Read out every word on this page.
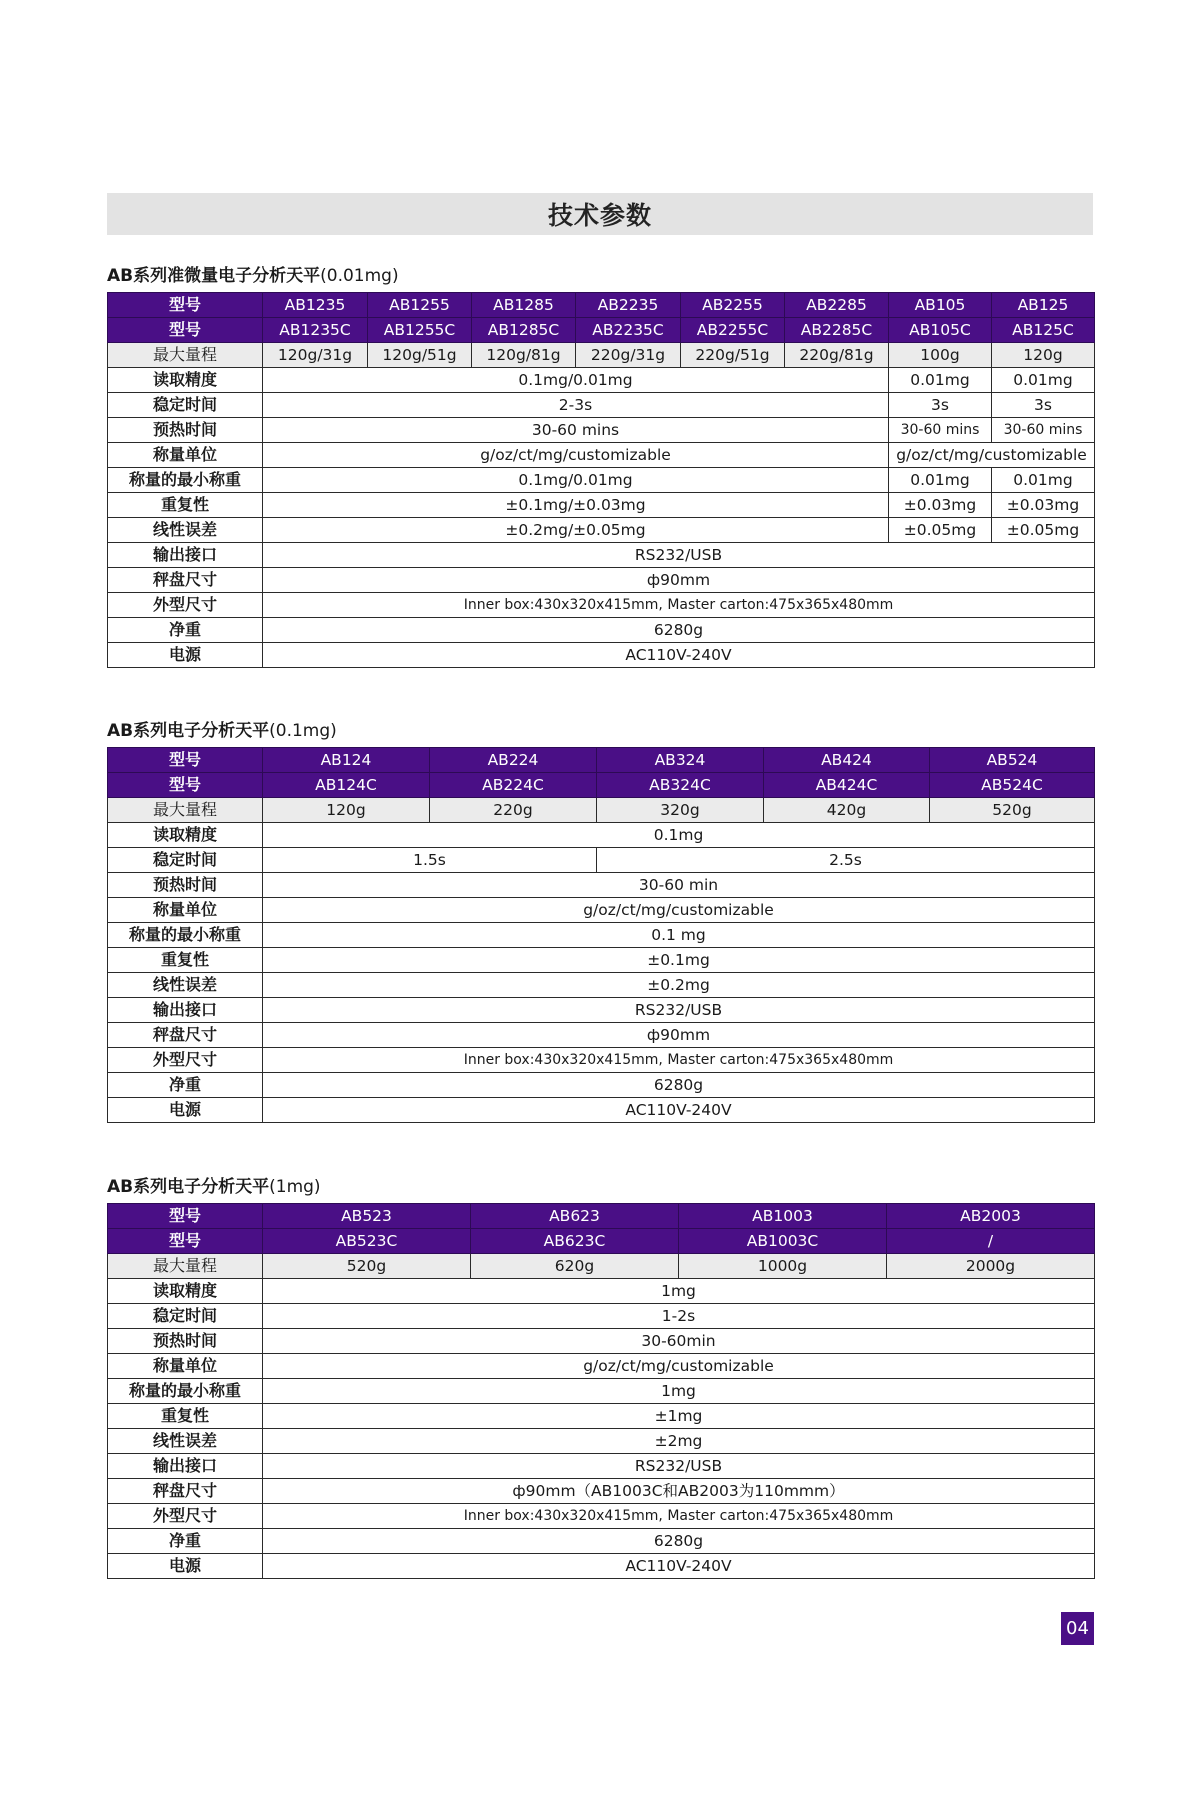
技术参数
AB系列准微量电子分析天平(0.01mg)
型号	AB1235	AB1255	AB1285	AB2235	AB2255	AB2285	AB105	AB125
型号	AB1235C	AB1255C	AB1285C	AB2235C	AB2255C	AB2285C	AB105C	AB125C
最大量程	120g/31g	120g/51g	120g/81g	220g/31g	220g/51g	220g/81g	100g	120g
读取精度	0.1mg/0.01mg						0.01mg	0.01mg
稳定时间	2-3s						3s	3s
预热时间	30-60 mins						30-60 mins	30-60 mins
称量单位	g/oz/ct/mg/customizable						g/oz/ct/mg/customizable	
称量的最小称重	0.1mg/0.01mg						0.01mg	0.01mg
重复性	±0.1mg/±0.03mg						±0.03mg	±0.03mg
线性误差	±0.2mg/±0.05mg						±0.05mg	±0.05mg
输出接口	RS232/USB							
秤盘尺寸	ф90mm							
外型尺寸	Inner box:430x320x415mm, Master carton:475x365x480mm							
净重	6280g							
电源	AC110V-240V							
AB系列电子分析天平(0.1mg)
型号	AB124	AB224	AB324	AB424	AB524
型号	AB124C	AB224C	AB324C	AB424C	AB524C
最大量程	120g	220g	320g	420g	520g
读取精度	0.1mg				
稳定时间	1.5s		2.5s		
预热时间	30-60 min				
称量单位	g/oz/ct/mg/customizable				
称量的最小称重	0.1 mg				
重复性	±0.1mg				
线性误差	±0.2mg				
输出接口	RS232/USB				
秤盘尺寸	ф90mm				
外型尺寸	Inner box:430x320x415mm, Master carton:475x365x480mm				
净重	6280g				
电源	AC110V-240V				
AB系列电子分析天平(1mg)
型号	AB523	AB623	AB1003	AB2003
型号	AB523C	AB623C	AB1003C	/
最大量程	520g	620g	1000g	2000g
读取精度	1mg			
稳定时间	1-2s			
预热时间	30-60min			
称量单位	g/oz/ct/mg/customizable			
称量的最小称重	1mg			
重复性	±1mg			
线性误差	±2mg			
输出接口	RS232/USB			
秤盘尺寸	ф90mm（AB1003C和AB2003为110mmm）			
外型尺寸	Inner box:430x320x415mm, Master carton:475x365x480mm			
净重	6280g			
电源	AC110V-240V			
04
